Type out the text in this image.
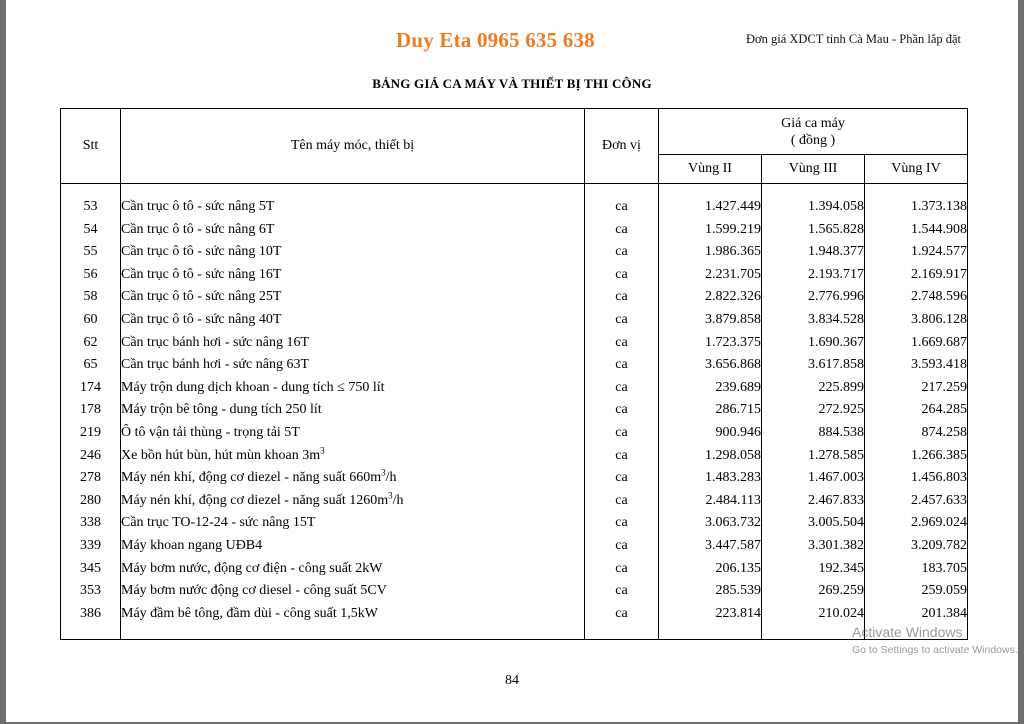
Duy Eta 0965 635 638	Đơn giá XDCT tỉnh Cà Mau - Phần lắp đặt
BẢNG GIÁ CA MÁY VÀ THIẾT BỊ THI CÔNG
Stt	Tên máy móc, thiết bị	Đơn vị	Giá ca máy
( đồng )		
			Vùng II	Vùng III	Vùng IV
53	Cần trục ô tô - sức nâng 5T	ca	1.427.449	1.394.058	1.373.138
54	Cần trục ô tô - sức nâng 6T	ca	1.599.219	1.565.828	1.544.908
55	Cần trục ô tô - sức nâng 10T	ca	1.986.365	1.948.377	1.924.577
56	Cần trục ô tô - sức nâng 16T	ca	2.231.705	2.193.717	2.169.917
58	Cần trục ô tô - sức nâng 25T	ca	2.822.326	2.776.996	2.748.596
60	Cần trục ô tô - sức nâng 40T	ca	3.879.858	3.834.528	3.806.128
62	Cần trục bánh hơi - sức nâng 16T	ca	1.723.375	1.690.367	1.669.687
65	Cần trục bánh hơi - sức nâng 63T	ca	3.656.868	3.617.858	3.593.418
174	Máy trộn dung dịch khoan - dung tích ≤ 750 lít	ca	239.689	225.899	217.259
178	Máy trộn bê tông - dung tích 250 lít	ca	286.715	272.925	264.285
219	Ô tô vận tải thùng - trọng tải 5T	ca	900.946	884.538	874.258
246	Xe bồn hút bùn, hút mùn khoan $3m^3$	ca	1.298.058	1.278.585	1.266.385
278	Máy nén khí, động cơ diezel - năng suất $660m^3/h$	ca	1.483.283	1.467.003	1.456.803
280	Máy nén khí, động cơ diezel - năng suất $1260m^3/h$	ca	2.484.113	2.467.833	2.457.633
338	Cần trục TO-12-24 - sức nâng 15T	ca	3.063.732	3.005.504	2.969.024
339	Máy khoan ngang UĐB4	ca	3.447.587	3.301.382	3.209.782
345	Máy bơm nước, động cơ điện - công suất 2kW	ca	206.135	192.345	183.705
353	Máy bơm nước động cơ diesel - công suất 5CV	ca	285.539	269.259	259.059
386	Máy đầm bê tông, đầm dùi - công suất 1,5kW	ca	223.814	210.024	201.384
84
Activate Windows
Go to Settings to activate Windows.
